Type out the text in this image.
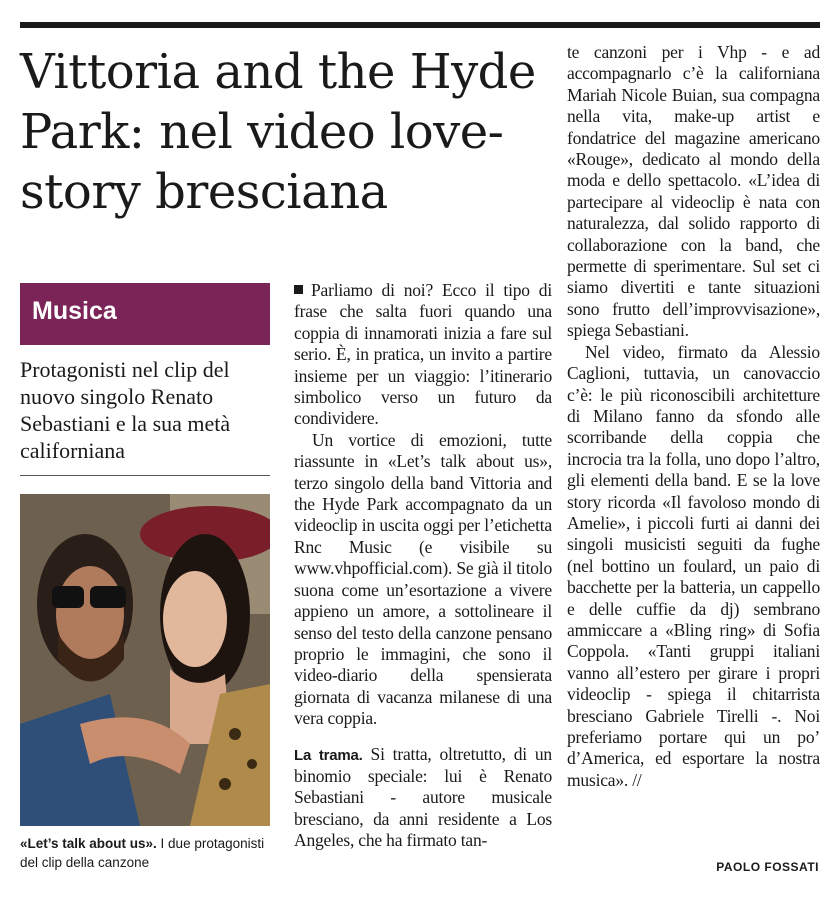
Vittoria and the Hyde Park: nel video love-story bresciana
Musica
Protagonisti nel clip del nuovo singolo Renato Sebastiani e la sua metà californiana
«Let’s talk about us». I due protagonisti del clip della canzone

Parliamo di noi? Ecco il tipo di frase che salta fuori quando una coppia di innamorati inizia a fare sul serio. È, in pratica, un invito a partire insieme per un viaggio: l’itinerario simbolico verso un futuro da condividere.

Un vortice di emozioni, tutte riassunte in «Let’s talk about us», terzo singolo della band Vittoria and the Hyde Park accompagnato da un videoclip in uscita oggi per l’etichetta Rnc Music (e visibile su www.vhpofficial.com). Se già il titolo suona come un’esortazione a vivere appieno un amore, a sottolineare il senso del testo della canzone pensano proprio le immagini, che sono il video-diario della spensierata giornata di vacanza milanese di una vera coppia.

La trama. Si tratta, oltretutto, di un binomio speciale: lui è Renato Sebastiani - autore musicale bresciano, da anni residente a Los Angeles, che ha firmato tan-

te canzoni per i Vhp - e ad accompagnarlo c’è la californiana Mariah Nicole Buian, sua compagna nella vita, make-up artist e fondatrice del magazine americano «Rouge», dedicato al mondo della moda e dello spettacolo. «L’idea di partecipare al videoclip è nata con naturalezza, dal solido rapporto di collaborazione con la band, che permette di sperimentare. Sul set ci siamo divertiti e tante situazioni sono frutto dell’improvvisazione», spiega Sebastiani.

Nel video, firmato da Alessio Caglioni, tuttavia, un canovaccio c’è: le più riconoscibili architetture di Milano fanno da sfondo alle scorribande della coppia che incrocia tra la folla, uno dopo l’altro, gli elementi della band. E se la love story ricorda «Il favoloso mondo di Amelie», i piccoli furti ai danni dei singoli musicisti seguiti da fughe (nel bottino un foulard, un paio di bacchette per la batteria, un cappello e delle cuffie da dj) sembrano ammiccare a «Bling ring» di Sofia Coppola. «Tanti gruppi italiani vanno all’estero per girare i propri videoclip - spiega il chitarrista bresciano Gabriele Tirelli -. Noi preferiamo portare qui un po’ d’America, ed esportare la nostra musica». //

PAOLO FOSSATI
